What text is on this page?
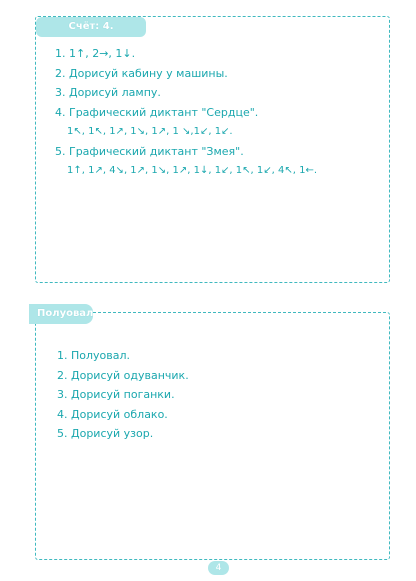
Счёт: 4.
1. 1↑, 2→, 1↓.
2. Дорисуй кабину у машины.
3. Дорисуй лампу.
4. Графический диктант "Сердце".
1↖, 1↖, 1↗, 1↘, 1↗, 1 ↘,1↙, 1↙.
5. Графический диктант "Змея".
1↑, 1↗, 4↘, 1↗, 1↘, 1↗, 1↓, 1↙, 1↖, 1↙, 4↖, 1←.
Полуовал
1. Полуовал.
2. Дорисуй одуванчик.
3. Дорисуй поганки.
4. Дорисуй облако.
5. Дорисуй узор.
4
